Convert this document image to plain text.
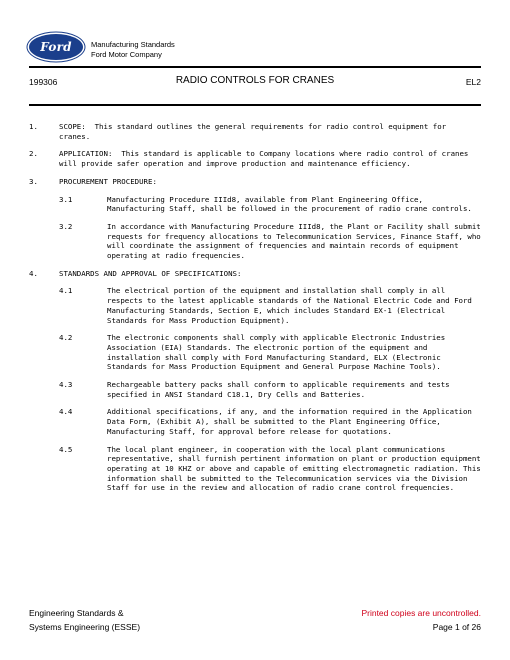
Ford	Manufacturing Standards
Ford Motor Company
199306	RADIO CONTROLS FOR CRANES	EL2
1.	SCOPE: This standard outlines the general requirements for radio control equipment for cranes.
2.	APPLICATION: This standard is applicable to Company locations where radio control of cranes will provide safer operation and improve production and maintenance efficiency.
3.	PROCUREMENT PROCEDURE:
3.1	Manufacturing Procedure IIId8, available from Plant Engineering Office, Manufacturing Staff, shall be followed in the procurement of radio crane controls.
3.2	In accordance with Manufacturing Procedure IIId8, the Plant or Facility shall submit requests for frequency allocations to Telecommunication Services, Finance Staff, who will coordinate the assignment of frequencies and maintain records of equipment operating at radio frequencies.
4.	STANDARDS AND APPROVAL OF SPECIFICATIONS:
4.1	The electrical portion of the equipment and installation shall comply in all respects to the latest applicable standards of the National Electric Code and Ford Manufacturing Standards, Section E, which includes Standard EX-1 (Electrical Standards for Mass Production Equipment).
4.2	The electronic components shall comply with applicable Electronic Industries Association (EIA) Standards. The electronic portion of the equipment and installation shall comply with Ford Manufacturing Standard, ELX (Electronic Standards for Mass Production Equipment and General Purpose Machine Tools).
4.3	Rechargeable battery packs shall conform to applicable requirements and tests specified in ANSI Standard C18.1, Dry Cells and Batteries.
4.4	Additional specifications, if any, and the information required in the Application Data Form, (Exhibit A), shall be submitted to the Plant Engineering Office, Manufacturing Staff, for approval before release for quotations.
4.5	The local plant engineer, in cooperation with the local plant communications representative, shall furnish pertinent information on plant or production equipment operating at 10 KHZ or above and capable of emitting electromagnetic radiation. This information shall be submitted to the Telecommunication services via the Division Staff for use in the review and allocation of radio crane control frequencies.
Engineering Standards &
Systems Engineering (ESSE)
Printed copies are uncontrolled.
Page 1 of 26
